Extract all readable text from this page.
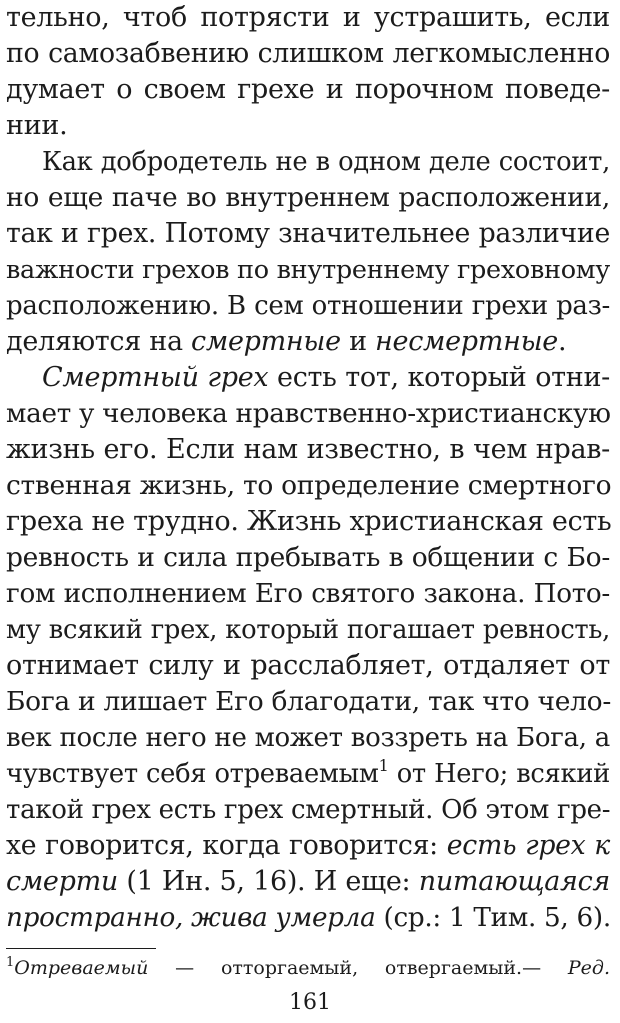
тельно, чтоб потрясти и устрашить, если
по самозабвению слишком легкомысленно
думает о своем грехе и порочном поведе-
нии.
Как добродетель не в одном деле состоит,
но еще паче во внутреннем расположении,
так и грех. Потому значительнее различие
важности грехов по внутреннему греховному
расположению. В сем отношении грехи раз-
деляются на смертные и несмертные.
Смертный грех есть тот, который отни-
мает у человека нравственно-христианскую
жизнь его. Если нам известно, в чем нрав-
ственная жизнь, то определение смертного
греха не трудно. Жизнь христианская есть
ревность и сила пребывать в общении с Бо-
гом исполнением Его святого закона. Пото-
му всякий грех, который погашает ревность,
отнимает силу и расслабляет, отдаляет от
Бога и лишает Его благодати, так что чело-
век после него не может воззреть на Бога, а
чувствует себя отреваемым$^1$ от Него; всякий
такой грех есть грех смертный. Об этом гре-
хе говорится, когда говорится: есть грех к
смерти (1 Ин. 5, 16). И еще: питающаяся
пространно, жива умерла (ср.: 1 Тим. 5, 6).
$^1$Отреваемый — отторгаемый, отвергаемый.— Ред.
161
